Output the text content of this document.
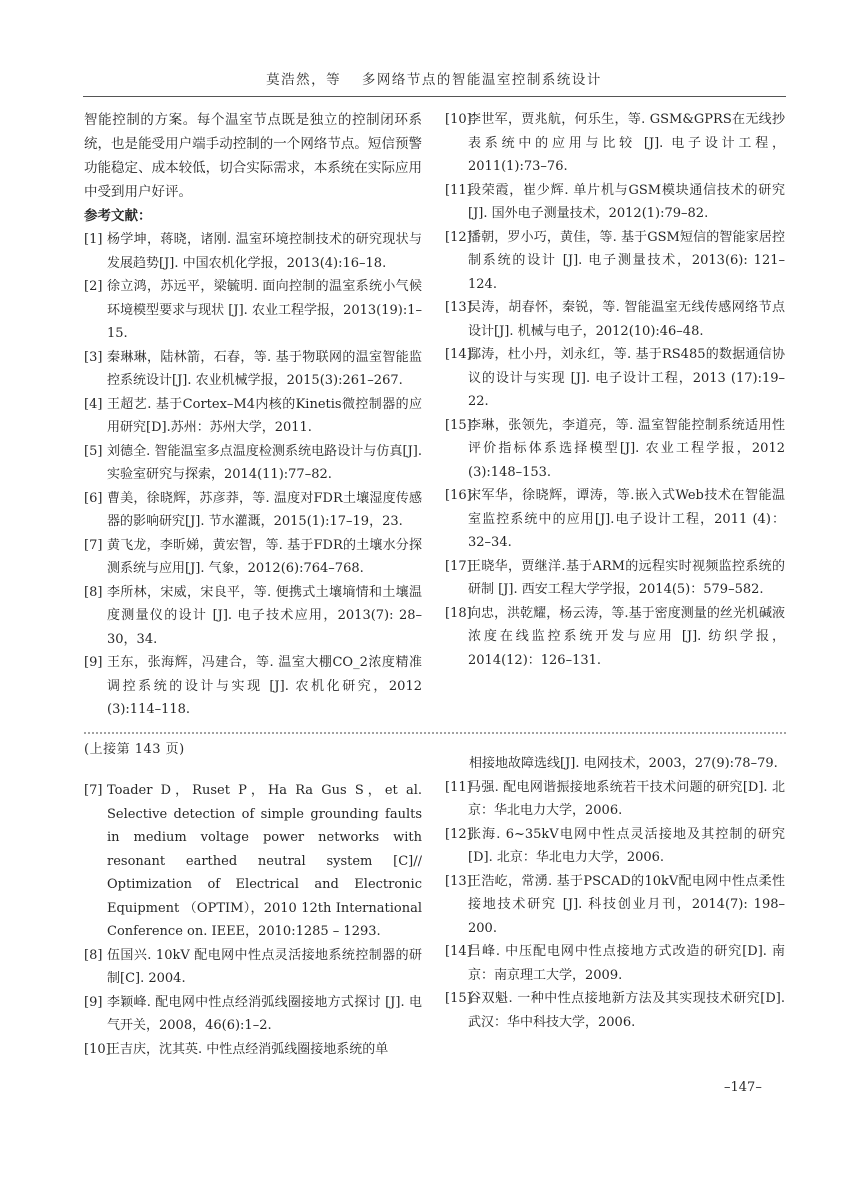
莫浩然，等　 多网络节点的智能温室控制系统设计

智能控制的方案。每个温室节点既是独立的控制闭环系统，也是能受用户端手动控制的一个网络节点。短信预警功能稳定、成本较低，切合实际需求，本系统在实际应用中受到用户好评。

参考文献：

[1] 杨学坤，蒋晓，诸刚. 温室环境控制技术的研究现状与发展趋势[J]. 中国农机化学报，2013(4):16–18.
[2] 徐立鸿，苏远平，梁毓明. 面向控制的温室系统小气候环境模型要求与现状 [J]. 农业工程学报，2013(19):1–15.
[3] 秦琳琳，陆林箭，石春，等. 基于物联网的温室智能监控系统设计[J]. 农业机械学报，2015(3):261–267.
[4] 王超艺. 基于Cortex–M4内核的Kinetis微控制器的应用研究[D].苏州：苏州大学，2011.
[5] 刘德全. 智能温室多点温度检测系统电路设计与仿真[J]. 实验室研究与探索，2014(11):77–82.
[6] 曹美，徐晓辉，苏彦莽，等. 温度对FDR土壤湿度传感器的影响研究[J]. 节水灌溉，2015(1):17–19，23.
[7] 黄飞龙，李昕娣，黄宏智，等. 基于FDR的土壤水分探测系统与应用[J]. 气象，2012(6):764–768.
[8] 李所林，宋威，宋良平，等. 便携式土壤墒情和土壤温度测量仪的设计 [J]. 电子技术应用，2013(7): 28–30，34.
[9] 王东，张海辉，冯建合，等. 温室大棚CO_2浓度精准调控系统的设计与实现 [J]. 农机化研究，2012 (3):114–118.
[10]
李世军，贾兆航，何乐生，等. GSM&GPRS在无线抄表系统中的应用与比较 [J]. 电子设计工程，2011(1):73–76.
[11]
段荣霞，崔少辉. 单片机与GSM模块通信技术的研究[J]. 国外电子测量技术，2012(1):79–82.
[12]
潘朝，罗小巧，黄佳，等. 基于GSM短信的智能家居控制系统的设计 [J]. 电子测量技术，2013(6): 121–124.
[13]
吴涛，胡春怀，秦锐，等. 智能温室无线传感网络节点设计[J]. 机械与电子，2012(10):46–48.
[14]
鄢涛，杜小丹，刘永红，等. 基于RS485的数据通信协议的设计与实现 [J]. 电子设计工程，2013 (17):19–22.
[15]
李琳，张领先，李道亮，等. 温室智能控制系统适用性评价指标体系选择模型[J]. 农业工程学报，2012 (3):148–153.
[16]
宋军华，徐晓辉，谭涛，等.嵌入式Web技术在智能温室监控系统中的应用[J].电子设计工程，2011 (4)：32–34.
[17]
王晓华，贾继洋.基于ARM的远程实时视频监控系统的研制 [J]. 西安工程大学学报，2014(5)：579–582.
[18]
向忠，洪乾耀，杨云涛，等.基于密度测量的丝光机碱液浓度在线监控系统开发与应用 [J]. 纺织学报，2014(12)：126–131.
(上接第 143 页)
[7] Toader D，Ruset P，Ha Ra Gus S，et al. Selective detection of simple grounding faults in medium voltage power networks with resonant earthed neutral system [C]// Optimization of Electrical and Electronic Equipment （OPTIM），2010 12th International Conference on. IEEE，2010:1285 – 1293.
[8] 伍国兴. 10kV 配电网中性点灵活接地系统控制器的研制[C]. 2004.
[9] 李颖峰. 配电网中性点经消弧线圈接地方式探讨 [J]. 电气开关，2008，46(6):1–2.
[10]
王吉庆，沈其英. 中性点经消弧线圈接地系统的单
相接地故障选线[J]. 电网技术，2003，27(9):78–79.
[11]
马强. 配电网谐振接地系统若干技术问题的研究[D]. 北京：华北电力大学，2006.
[12]
张海. 6~35kV电网中性点灵活接地及其控制的研究[D]. 北京：华北电力大学，2006.
[13]
王浩屹，常湧. 基于PSCAD的10kV配电网中性点柔性接地技术研究 [J]. 科技创业月刊，2014(7): 198–200.
[14]
吕峰. 中压配电网中性点接地方式改造的研究[D]. 南京：南京理工大学，2009.
[15]
谷双魁. 一种中性点接地新方法及其实现技术研究[D]. 武汉：华中科技大学，2006.
–147–
